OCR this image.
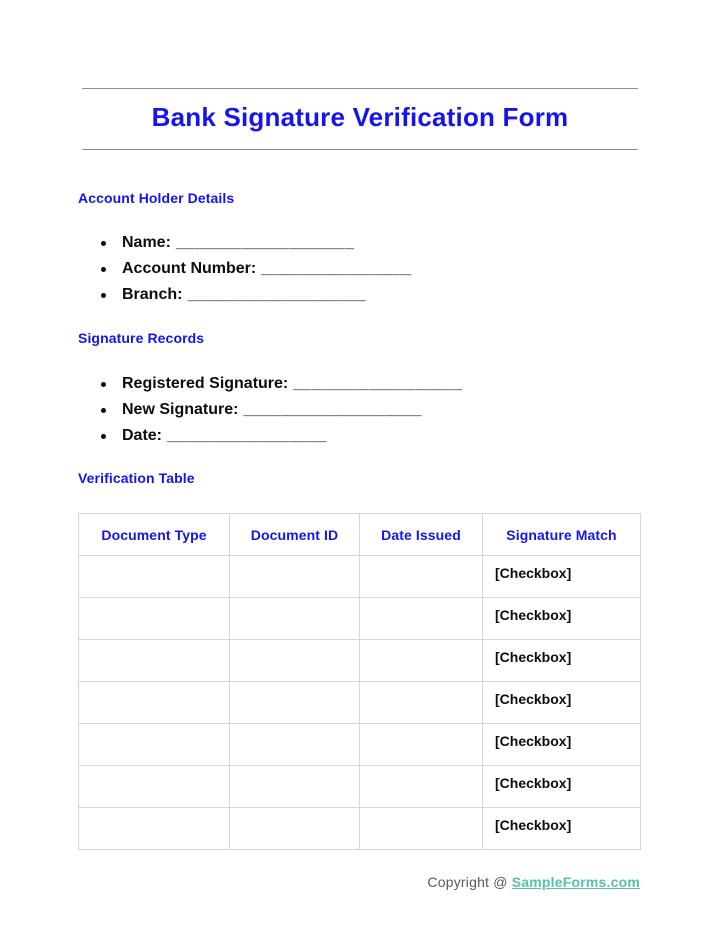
Bank Signature Verification Form
Account Holder Details
Name: ___________________
Account Number: ________________
Branch: ___________________
Signature Records
Registered Signature: __________________
New Signature: ___________________
Date: _________________
Verification Table
Document Type	Document ID	Date Issued	Signature Match
			[Checkbox]
			[Checkbox]
			[Checkbox]
			[Checkbox]
			[Checkbox]
			[Checkbox]
			[Checkbox]
Copyright @ SampleForms.com
